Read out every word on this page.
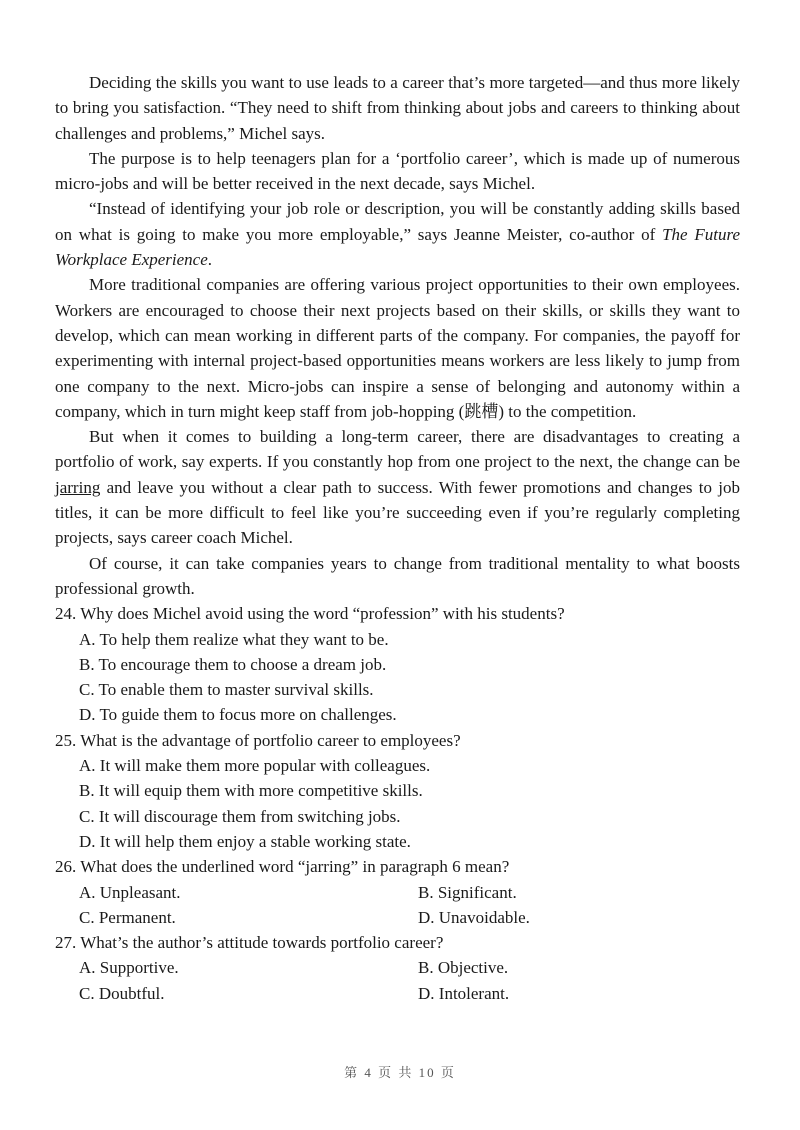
Deciding the skills you want to use leads to a career that’s more targeted—and thus more likely to bring you satisfaction. “They need to shift from thinking about jobs and careers to thinking about challenges and problems,” Michel says.

The purpose is to help teenagers plan for a ‘portfolio career’, which is made up of numerous micro-jobs and will be better received in the next decade, says Michel.

“Instead of identifying your job role or description, you will be constantly adding skills based on what is going to make you more employable,” says Jeanne Meister, co-author of The Future Workplace Experience.

More traditional companies are offering various project opportunities to their own employees. Workers are encouraged to choose their next projects based on their skills, or skills they want to develop, which can mean working in different parts of the company. For companies, the payoff for experimenting with internal project-based opportunities means workers are less likely to jump from one company to the next. Micro-jobs can inspire a sense of belonging and autonomy within a company, which in turn might keep staff from job-hopping (跳槽) to the competition.

But when it comes to building a long-term career, there are disadvantages to creating a portfolio of work, say experts. If you constantly hop from one project to the next, the change can be jarring and leave you without a clear path to success. With fewer promotions and changes to job titles, it can be more difficult to feel like you’re succeeding even if you’re regularly completing projects, says career coach Michel.

Of course, it can take companies years to change from traditional mentality to what boosts professional growth.

24. Why does Michel avoid using the word “profession” with his students?

A. To help them realize what they want to be.

B. To encourage them to choose a dream job.

C. To enable them to master survival skills.

D. To guide them to focus more on challenges.

25. What is the advantage of portfolio career to employees?

A. It will make them more popular with colleagues.

B. It will equip them with more competitive skills.

C. It will discourage them from switching jobs.

D. It will help them enjoy a stable working state.

26. What does the underlined word “jarring” in paragraph 6 mean?

A. Unpleasant.	B. Significant.
C. Permanent.	D. Unavoidable.

27. What’s the author’s attitude towards portfolio career?

A. Supportive.	B. Objective.
C. Doubtful.	D. Intolerant.
第 4 页 共 10 页
